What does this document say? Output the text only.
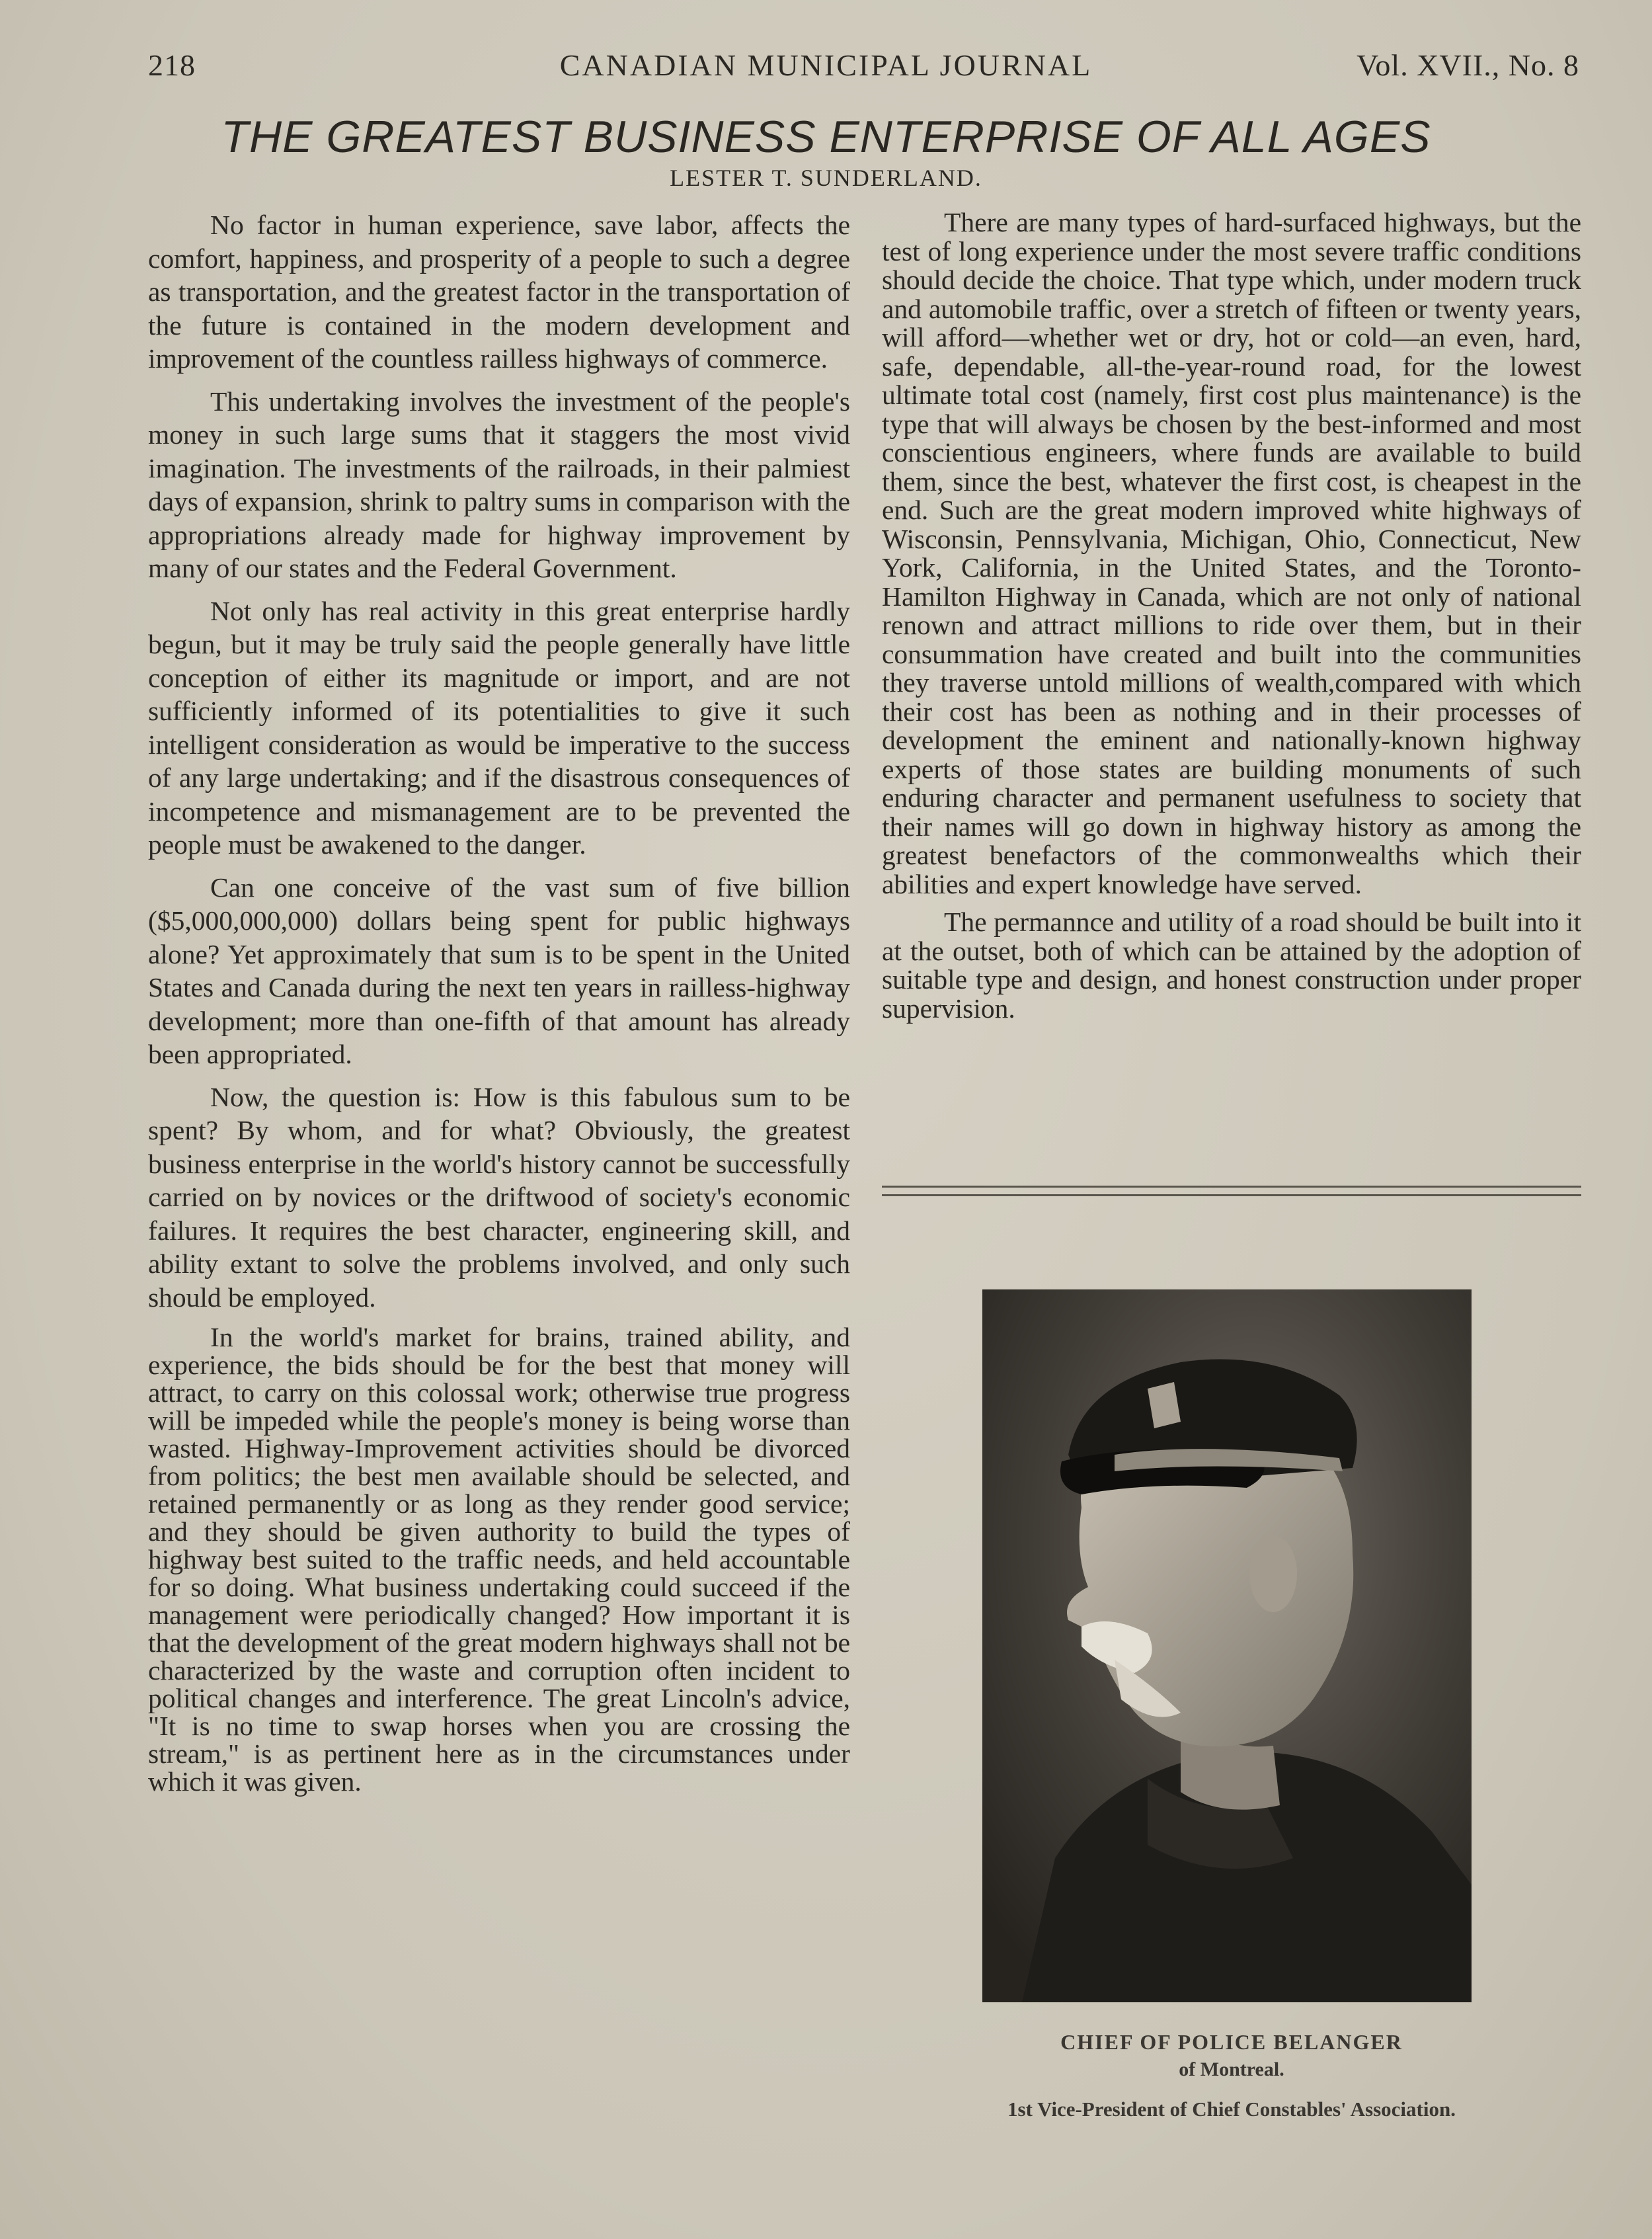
218	CANADIAN MUNICIPAL JOURNAL	Vol. XVII., No. 8
THE GREATEST BUSINESS ENTERPRISE OF ALL AGES
LESTER T. SUNDERLAND.

No factor in human experience, save labor, affects the comfort, happiness, and prosperity of a people to such a degree as transportation, and the greatest factor in the transportation of the future is contained in the modern development and improvement of the countless railless highways of commerce.

This undertaking involves the investment of the people's money in such large sums that it staggers the most vivid imagination. The investments of the railroads, in their palmiest days of expansion, shrink to paltry sums in comparison with the appropriations already made for highway improvement by many of our states and the Federal Government.

Not only has real activity in this great enterprise hardly begun, but it may be truly said the people generally have little conception of either its magnitude or import, and are not sufficiently informed of its potentialities to give it such intelligent consideration as would be imperative to the success of any large undertaking; and if the disastrous consequences of incompetence and mismanagement are to be prevented the people must be awakened to the danger.

Can one conceive of the vast sum of five billion ($5,000,000,000) dollars being spent for public highways alone? Yet approximately that sum is to be spent in the United States and Canada during the next ten years in railless-highway development; more than one-fifth of that amount has already been appropriated.

Now, the question is: How is this fabulous sum to be spent? By whom, and for what? Obviously, the greatest business enterprise in the world's history cannot be successfully carried on by novices or the driftwood of society's economic failures. It requires the best character, engineering skill, and ability extant to solve the problems involved, and only such should be employed.

In the world's market for brains, trained ability, and experience, the bids should be for the best that money will attract, to carry on this colossal work; otherwise true progress will be impeded while the people's money is being worse than wasted. Highway-Improvement activities should be divorced from politics; the best men available should be selected, and retained permanently or as long as they render good service; and they should be given authority to build the types of highway best suited to the traffic needs, and held accountable for so doing. What business undertaking could succeed if the management were periodically changed? How important it is that the development of the great modern highways shall not be characterized by the waste and corruption often incident to political changes and interference. The great Lincoln's advice, "It is no time to swap horses when you are crossing the stream," is as pertinent here as in the circumstances under which it was given.

There are many types of hard-surfaced highways, but the test of long experience under the most severe traffic conditions should decide the choice. That type which, under modern truck and automobile traffic, over a stretch of fifteen or twenty years, will afford—whether wet or dry, hot or cold—an even, hard, safe, dependable, all-the-year-round road, for the lowest ultimate total cost (namely, first cost plus maintenance) is the type that will always be chosen by the best-informed and most conscientious engineers, where funds are available to build them, since the best, whatever the first cost, is cheapest in the end. Such are the great modern improved white highways of Wisconsin, Pennsylvania, Michigan, Ohio, Connecticut, New York, California, in the United States, and the Toronto-Hamilton Highway in Canada, which are not only of national renown and attract millions to ride over them, but in their consummation have created and built into the communities they traverse untold millions of wealth,compared with which their cost has been as nothing and in their processes of development the eminent and nationally-known highway experts of those states are building monuments of such enduring character and permanent usefulness to society that their names will go down in highway history as among the greatest benefactors of the commonwealths which their abilities and expert knowledge have served.

The permannce and utility of a road should be built into it at the outset, both of which can be attained by the adoption of suitable type and design, and honest construction under proper supervision.

CHIEF OF POLICE BELANGER
of Montreal.
1st Vice-President of Chief Constables' Association.
